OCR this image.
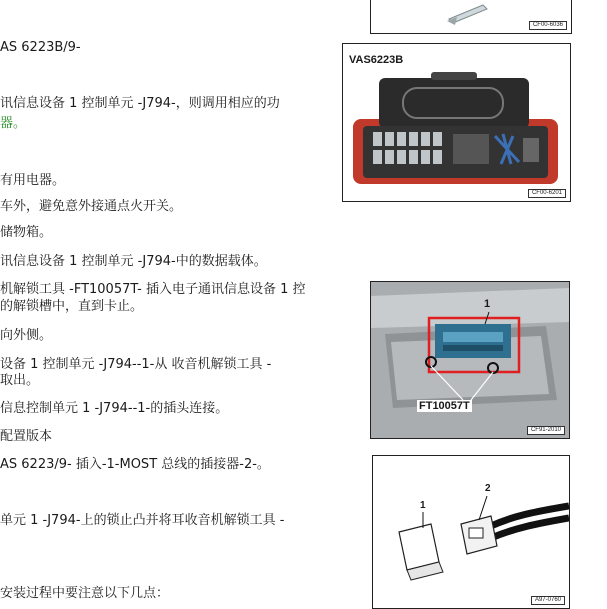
AS 6223B/9-
讯信息设备 1 控制单元 -J794-，则调用相应的功
器。
有用电器。
车外，避免意外接通点火开关。
储物箱。
讯信息设备 1 控制单元 -J794-中的数据载体。
机解锁工具 -FT10057T- 插入电子通讯信息设备 1 控
的解锁槽中，直到卡止。
向外侧。
设备 1 控制单元 -J794--1-从 收音机解锁工具 -
取出。
信息控制单元 1 -J794--1-的插头连接。
配置版本
AS 6223/9- 插入-1-MOST 总线的插接器-2-。
单元 1 -J794-上的锁止凸并将耳收音机解锁工具 -
安装过程中要注意以下几点：
CF00-6036
VAS6223B
CF00-6201
1
FT10057T
CF91-2010
1
2
A97-0760
